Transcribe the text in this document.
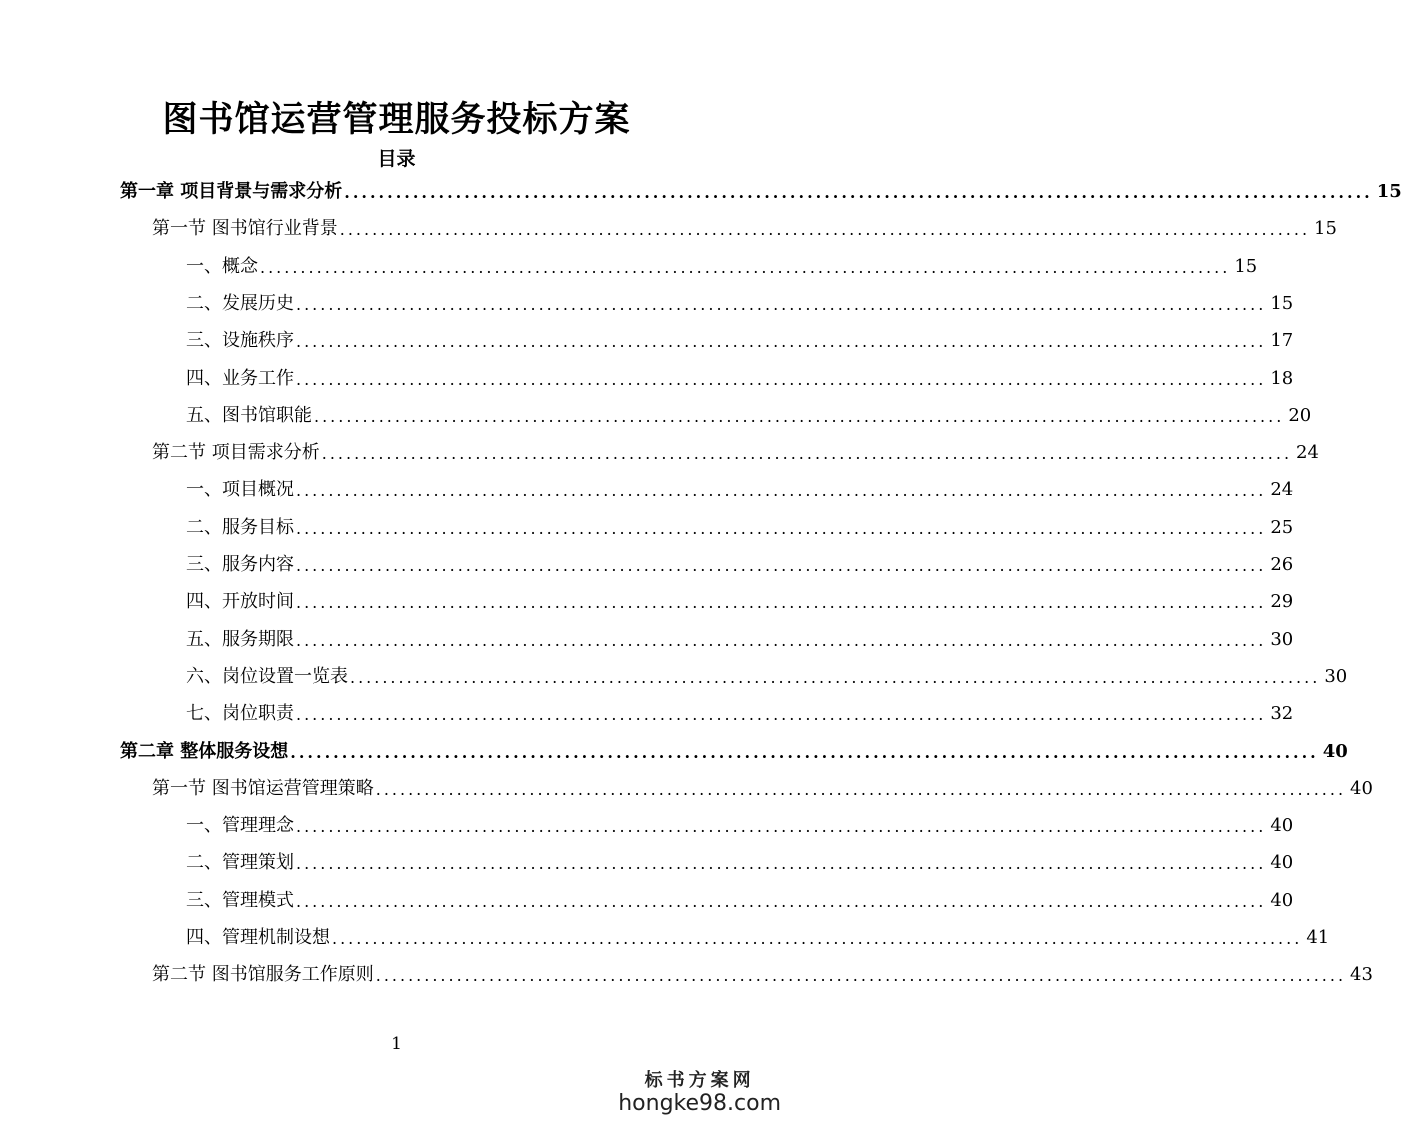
图书馆运营管理服务投标方案
目录
第一章 项目背景与需求分析 ........................................................................................................................ 15
第一节 图书馆行业背景 ........................................................................................................................ 15
一、概念 ........................................................................................................................ 15
二、发展历史 ........................................................................................................................ 15
三、设施秩序 ........................................................................................................................ 17
四、业务工作 ........................................................................................................................ 18
五、图书馆职能 ........................................................................................................................ 20
第二节 项目需求分析 ........................................................................................................................ 24
一、项目概况 ........................................................................................................................ 24
二、服务目标 ........................................................................................................................ 25
三、服务内容 ........................................................................................................................ 26
四、开放时间 ........................................................................................................................ 29
五、服务期限 ........................................................................................................................ 30
六、岗位设置一览表 ........................................................................................................................ 30
七、岗位职责 ........................................................................................................................ 32
第二章 整体服务设想 ........................................................................................................................ 40
第一节 图书馆运营管理策略 ........................................................................................................................ 40
一、管理理念 ........................................................................................................................ 40
二、管理策划 ........................................................................................................................ 40
三、管理模式 ........................................................................................................................ 40
四、管理机制设想 ........................................................................................................................ 41
第二节 图书馆服务工作原则 ........................................................................................................................ 43
1
标书方案网
hongke98.com
